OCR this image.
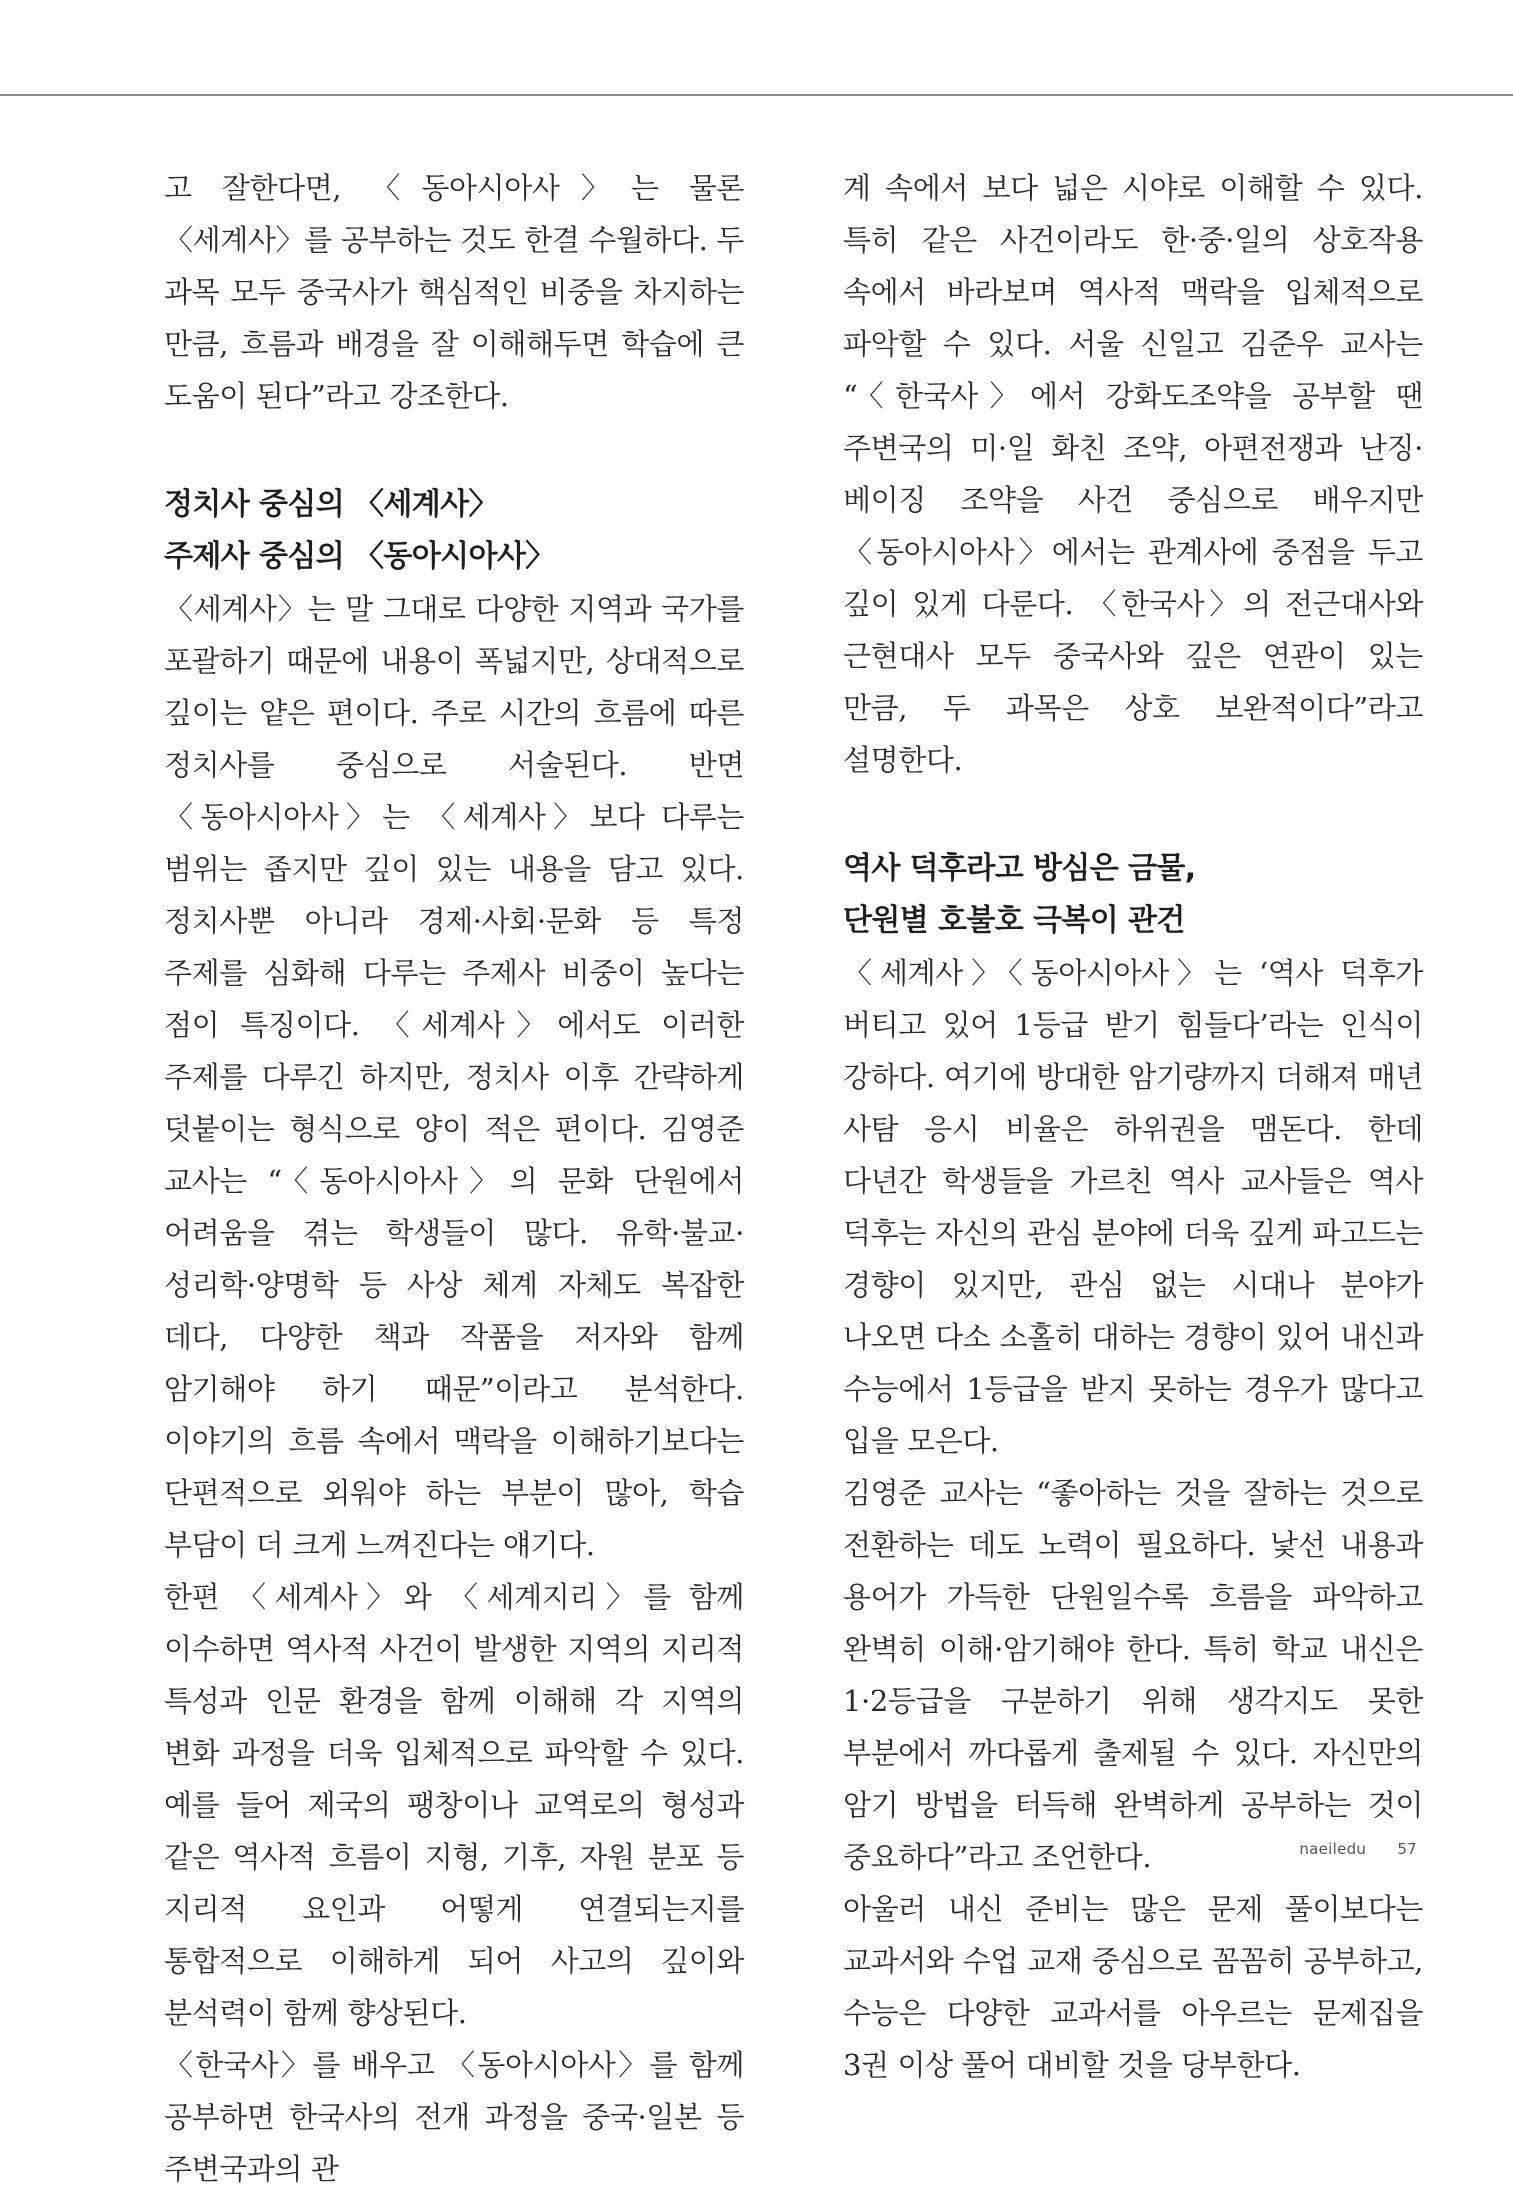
고 잘한다면, 〈동아시아사〉는 물론 〈세계사〉를 공부하는 것도 한결 수월하다. 두 과목 모두 중국사가 핵심적인 비중을 차지하는 만큼, 흐름과 배경을 잘 이해해두면 학습에 큰 도움이 된다”라고 강조한다.

정치사 중심의 〈세계사〉
주제사 중심의 〈동아시아사〉

〈세계사〉는 말 그대로 다양한 지역과 국가를 포괄하기 때문에 내용이 폭넓지만, 상대적으로 깊이는 얕은 편이다. 주로 시간의 흐름에 따른 정치사를 중심으로 서술된다. 반면 〈동아시아사〉는 〈세계사〉보다 다루는 범위는 좁지만 깊이 있는 내용을 담고 있다. 정치사뿐 아니라 경제·사회·문화 등 특정 주제를 심화해 다루는 주제사 비중이 높다는 점이 특징이다. 〈세계사〉에서도 이러한 주제를 다루긴 하지만, 정치사 이후 간략하게 덧붙이는 형식으로 양이 적은 편이다. 김영준 교사는 “〈동아시아사〉의 문화 단원에서 어려움을 겪는 학생들이 많다. 유학·불교·성리학·양명학 등 사상 체계 자체도 복잡한 데다, 다양한 책과 작품을 저자와 함께 암기해야 하기 때문”이라고 분석한다. 이야기의 흐름 속에서 맥락을 이해하기보다는 단편적으로 외워야 하는 부분이 많아, 학습 부담이 더 크게 느껴진다는 얘기다.

한편 〈세계사〉와 〈세계지리〉를 함께 이수하면 역사적 사건이 발생한 지역의 지리적 특성과 인문 환경을 함께 이해해 각 지역의 변화 과정을 더욱 입체적으로 파악할 수 있다. 예를 들어 제국의 팽창이나 교역로의 형성과 같은 역사적 흐름이 지형, 기후, 자원 분포 등 지리적 요인과 어떻게 연결되는지를 통합적으로 이해하게 되어 사고의 깊이와 분석력이 함께 향상된다.

〈한국사〉를 배우고 〈동아시아사〉를 함께 공부하면 한국사의 전개 과정을 중국·일본 등 주변국과의 관

계 속에서 보다 넓은 시야로 이해할 수 있다. 특히 같은 사건이라도 한·중·일의 상호작용 속에서 바라보며 역사적 맥락을 입체적으로 파악할 수 있다. 서울 신일고 김준우 교사는 “〈한국사〉에서 강화도조약을 공부할 땐 주변국의 미·일 화친 조약, 아편전쟁과 난징·베이징 조약을 사건 중심으로 배우지만 〈동아시아사〉에서는 관계사에 중점을 두고 깊이 있게 다룬다. 〈한국사〉의 전근대사와 근현대사 모두 중국사와 깊은 연관이 있는 만큼, 두 과목은 상호 보완적이다”라고 설명한다.

역사 덕후라고 방심은 금물,
단원별 호불호 극복이 관건

〈세계사〉〈동아시아사〉는 ‘역사 덕후가 버티고 있어 1등급 받기 힘들다’라는 인식이 강하다. 여기에 방대한 암기량까지 더해져 매년 사탐 응시 비율은 하위권을 맴돈다. 한데 다년간 학생들을 가르친 역사 교사들은 역사 덕후는 자신의 관심 분야에 더욱 깊게 파고드는 경향이 있지만, 관심 없는 시대나 분야가 나오면 다소 소홀히 대하는 경향이 있어 내신과 수능에서 1등급을 받지 못하는 경우가 많다고 입을 모은다.

김영준 교사는 “좋아하는 것을 잘하는 것으로 전환하는 데도 노력이 필요하다. 낯선 내용과 용어가 가득한 단원일수록 흐름을 파악하고 완벽히 이해·암기해야 한다. 특히 학교 내신은 1·2등급을 구분하기 위해 생각지도 못한 부분에서 까다롭게 출제될 수 있다. 자신만의 암기 방법을 터득해 완벽하게 공부하는 것이 중요하다”라고 조언한다.

아울러 내신 준비는 많은 문제 풀이보다는 교과서와 수업 교재 중심으로 꼼꼼히 공부하고, 수능은 다양한 교과서를 아우르는 문제집을 3권 이상 풀어 대비할 것을 당부한다.

naeiledu 57
